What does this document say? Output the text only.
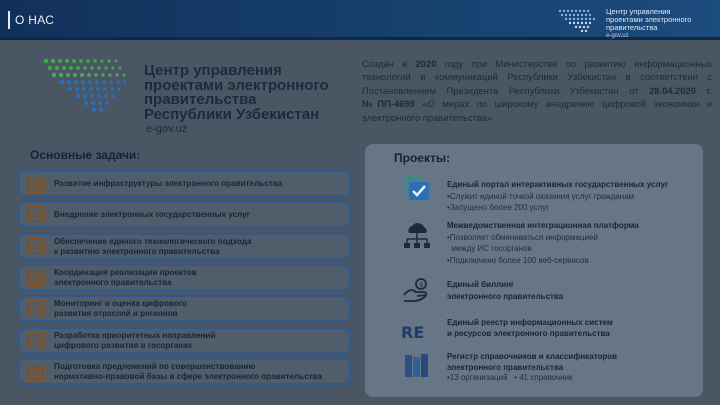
О НАС
Центр управления
проектами электронного
правительства
e-gov.uz
Центр управления
проектами электронного
правительства
Республики Узбекистан
e-gov.uz
Создан в 2020 году при Министерстве по развитию информационных технологий и коммуникаций Республики Узбекистан в соответствии с Постановлением Президента Республики Узбекистан от 28.04.2020 г. №ПП-4699 «О мерах по широкому внедрению цифровой экономики и электронного правительства»
Основные задачи:
Развитие инфраструктуры электронного правительства
Внедрение электронных государственных услуг
Обеспечение единого технологического подхода
к развитию электронного правительства
Координация реализации проектов
электронного правительства
Мониторинг и оценка цифрового
развития отраслей и регионов
Разработка приоритетных направлений
цифрового развития в госорганах
Подготовка предложений по совершенствованию
нормативно-правовой базы в сфере электронного правительства
Проекты:
Единый портал интерактивных государственных услуг
•Служит единой точкой оказания услуг гражданам
•Запущено более 200 услуг
Межведомственная интеграционная платформа
•Позволяет обмениваться информацией
между ИС госорганов
•Подключено более 100 веб-сервисов
$	Единый биллинг
электронного правительства
RE
Единый реестр информационных систем
и ресурсов электронного правительства
Регистр справочников и классификаторов
электронного правительства
•13 организаций   • 41 справочник
